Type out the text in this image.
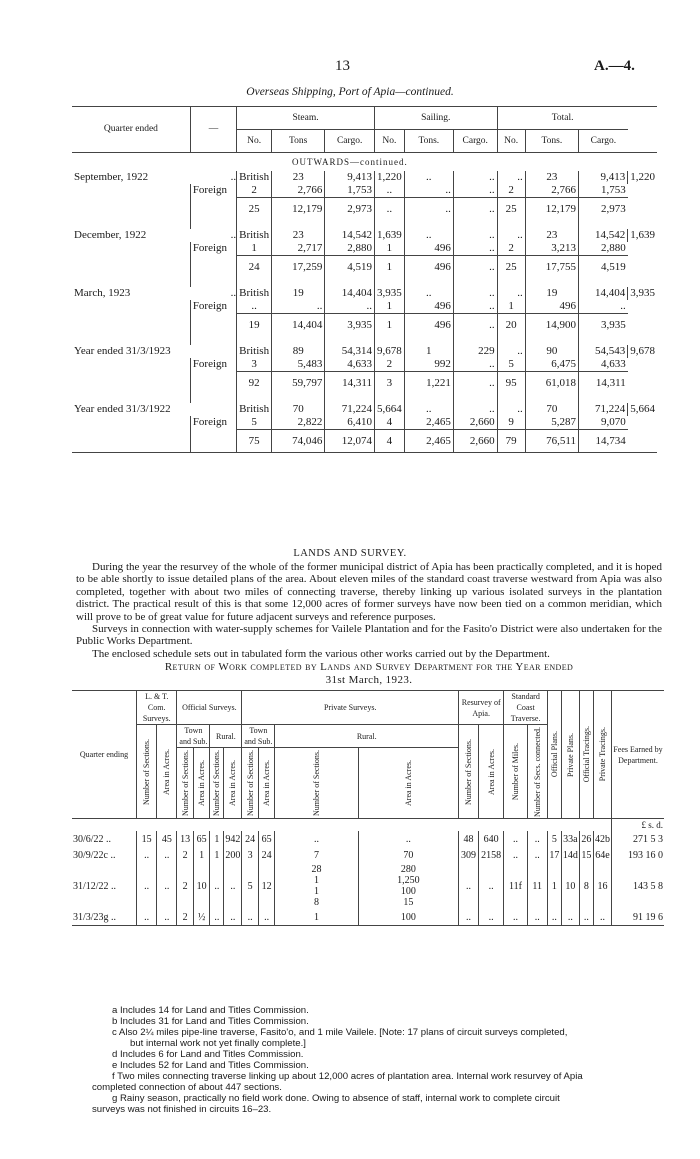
13	A.—4.
Overseas Shipping, Port of Apia—continued.
Quarter ended	—	Steam.	Sailing.	Total.
No.	Tons	Cargo.	No.	Tons.	Cargo.	No.	Tons.	Cargo.
OUTWARDS—continued.
September, 1922		.. British	23	9,413	1,220	..	..	..	23	9,413	1,220
	Foreign	2	2,766	1,753	..	..	..	2	2,766	1,753
		25	12,179	2,973	..	..	..	25	12,179	2,973

December, 1922		.. British	23	14,542	1,639	..	..	..	23	14,542	1,639
	Foreign	1	2,717	2,880	1	496	..	2	3,213	2,880
		24	17,259	4,519	1	496	..	25	17,755	4,519

March, 1923		.. British	19	14,404	3,935	..	..	..	19	14,404	3,935
	Foreign	..	..	..	1	496	..	1	496	..
		19	14,404	3,935	1	496	..	20	14,900	3,935

Year ended 31/3/1923	British	89	54,314	9,678	1	229	..	90	54,543	9,678
	Foreign	3	5,483	4,633	2	992	..	5	6,475	4,633
		92	59,797	14,311	3	1,221	..	95	61,018	14,311

Year ended 31/3/1922	British	70	71,224	5,664	..	..	..	70	71,224	5,664
	Foreign	5	2,822	6,410	4	2,465	2,660	9	5,287	9,070
		75	74,046	12,074	4	2,465	2,660	79	76,511	14,734
LANDS AND SURVEY.

During the year the resurvey of the whole of the former municipal district of Apia has been practically completed, and it is hoped to be able shortly to issue detailed plans of the area. About eleven miles of the standard coast traverse westward from Apia was also completed, together with about two miles of connecting traverse, thereby linking up various isolated surveys in the plantation district. The practical result of this is that some 12,000 acres of former surveys have now been tied on a common meridian, which will prove to be of great value for future adjacent surveys and reference purposes.

Surveys in connection with water-supply schemes for Vailele Plantation and for the Fasito'o District were also undertaken for the Public Works Department.

The enclosed schedule sets out in tabulated form the various other works carried out by the Department.

Return of Work completed by Lands and Survey Department for the Year ended
31st March, 1923.
Quarter ending	L. & T. Com. Surveys.		Official Surveys.				Private Surveys.				Resurvey of Apia.		Standard Coast Traverse.		Official Plans.	Private Plans.	Official Tracings.	Private Tracings.	Fees Earned by Department.

	Number of Sections.	Area in Acres.	Town and Sub.		Rural.		Town and Sub.		Rural.		Number of Sections.	Area in Acres.	Number of Miles.	Number of Secs. connected.					

			Number of Sections.	Area in Acres.	Number of Sections.	Area in Acres.	Number of Sections.	Area in Acres.	Number of Sections.	Area in Acres.									

																			£ s. d.
30/6/22 ..	15	45	13	65	1	942	24	65	..	..	48	640	..	..	5	33a	26	42b	271 5 3
30/9/22c ..	..	..	2	1	1	200	3	24	7	70	309	2158	..	..	17	14d	15	64e	193 16 0
31/12/22 ..	..	..	2	10	..	..	5	12	28 1 1 8	280 1,250 100 15	..	..	11f	11	1	10	8	16	143 5 8
31/3/23g ..	..	..	2	½	..	..	..	..	1	100	..	..	..	..	..	..	..	..	91 19 6
a Includes 14 for Land and Titles Commission.
b Includes 31 for Land and Titles Commission.
c Also 2¼ miles pipe-line traverse, Fasito'o, and 1 mile Vailele. [Note: 17 plans of circuit surveys completed,
but internal work not yet finally complete.]
d Includes 6 for Land and Titles Commission.
e Includes 52 for Land and Titles Commission.
f Two miles connecting traverse linking up about 12,000 acres of plantation area. Internal work resurvey of Apia
completed connection of about 447 sections.
g Rainy season, practically no field work done. Owing to absence of staff, internal work to complete circuit
surveys was not finished in circuits 16–23.
